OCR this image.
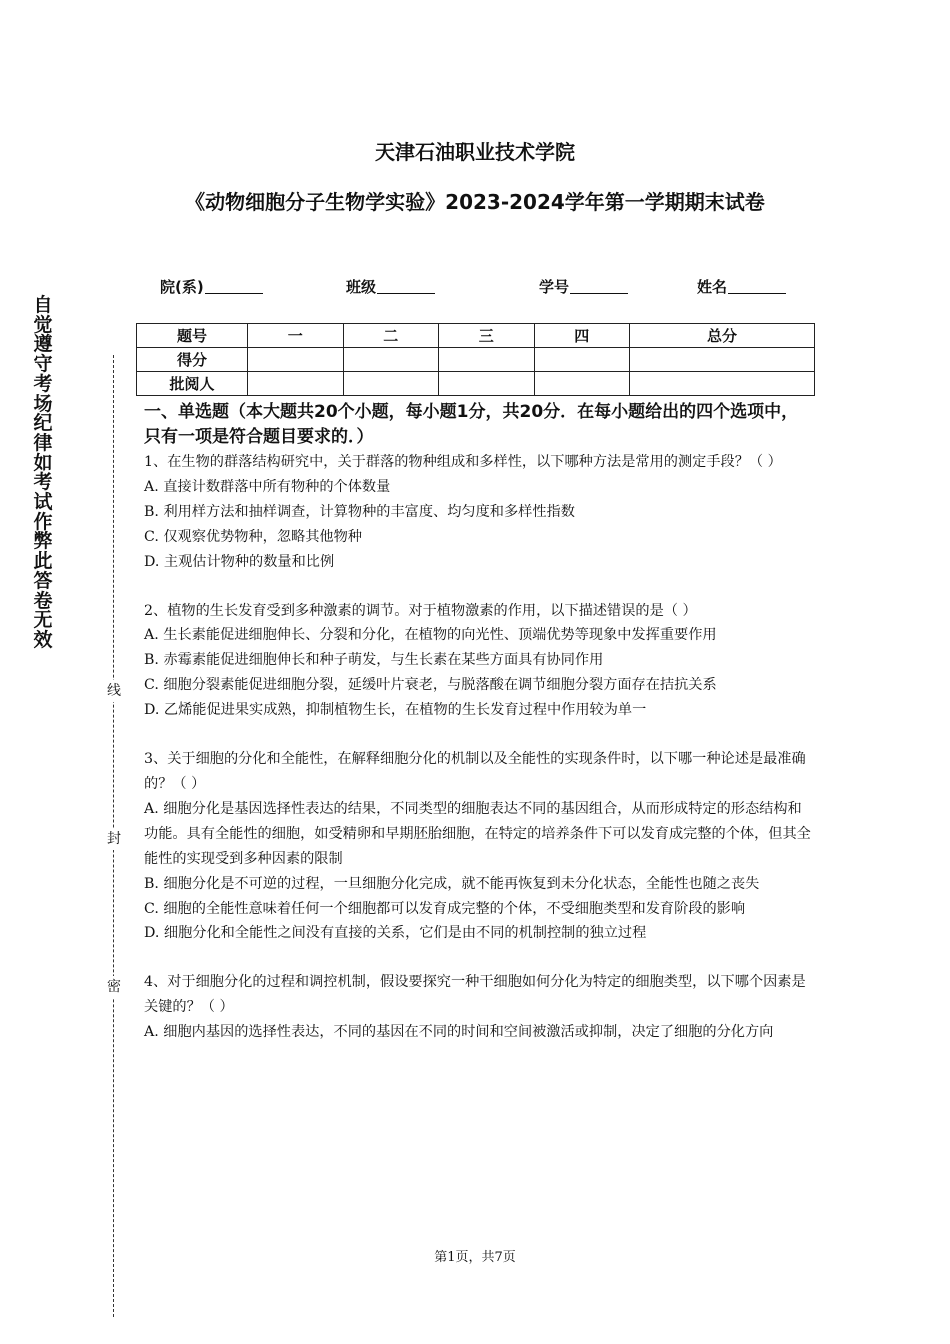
自觉遵守考场纪律如考试作弊此答卷无效
线
封
密
天津石油职业技术学院
《动物细胞分子生物学实验》2023-2024学年第一学期期末试卷
院(系)	班级	学号	姓名
题号	一	二	三	四	总分
得分					
批阅人					
一、单选题（本大题共20个小题，每小题1分，共20分．在每小题给出的四个选项中，只有一项是符合题目要求的．）

1、在生物的群落结构研究中，关于群落的物种组成和多样性，以下哪种方法是常用的测定手段？（ ）

A. 直接计数群落中所有物种的个体数量

B. 利用样方法和抽样调查，计算物种的丰富度、均匀度和多样性指数

C. 仅观察优势物种，忽略其他物种

D. 主观估计物种的数量和比例

2、植物的生长发育受到多种激素的调节。对于植物激素的作用，以下描述错误的是（ ）

A. 生长素能促进细胞伸长、分裂和分化，在植物的向光性、顶端优势等现象中发挥重要作用

B. 赤霉素能促进细胞伸长和种子萌发，与生长素在某些方面具有协同作用

C. 细胞分裂素能促进细胞分裂，延缓叶片衰老，与脱落酸在调节细胞分裂方面存在拮抗关系

D. 乙烯能促进果实成熟，抑制植物生长，在植物的生长发育过程中作用较为单一

3、关于细胞的分化和全能性，在解释细胞分化的机制以及全能性的实现条件时，以下哪一种论述是最准确的？（ ）

A. 细胞分化是基因选择性表达的结果，不同类型的细胞表达不同的基因组合，从而形成特定的形态结构和功能。具有全能性的细胞，如受精卵和早期胚胎细胞，在特定的培养条件下可以发育成完整的个体，但其全能性的实现受到多种因素的限制

B. 细胞分化是不可逆的过程，一旦细胞分化完成，就不能再恢复到未分化状态，全能性也随之丧失

C. 细胞的全能性意味着任何一个细胞都可以发育成完整的个体，不受细胞类型和发育阶段的影响

D. 细胞分化和全能性之间没有直接的关系，它们是由不同的机制控制的独立过程

4、对于细胞分化的过程和调控机制，假设要探究一种干细胞如何分化为特定的细胞类型，以下哪个因素是关键的？（ ）

A. 细胞内基因的选择性表达，不同的基因在不同的时间和空间被激活或抑制，决定了细胞的分化方向

第1页，共7页
